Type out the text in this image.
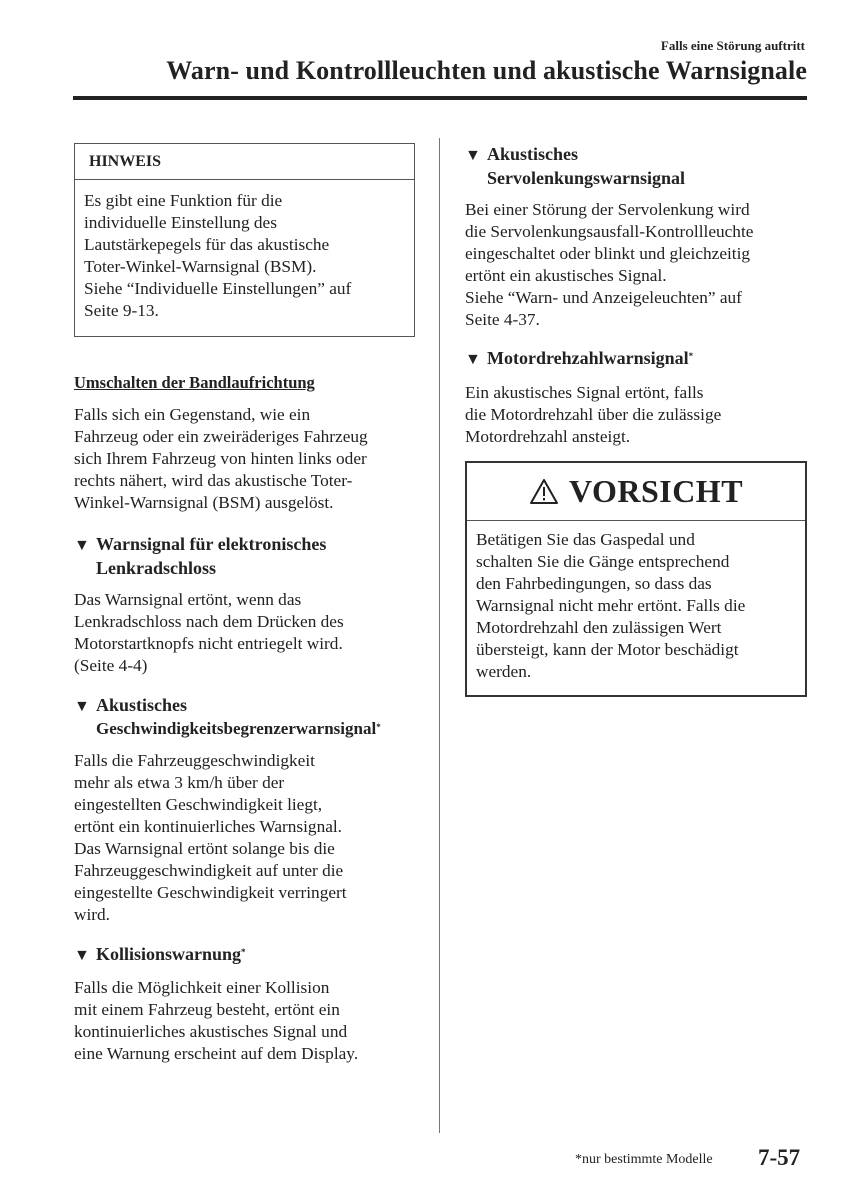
Falls eine Störung auftritt
Warn- und Kontrollleuchten und akustische Warnsignale
HINWEIS

Es gibt eine Funktion für die

individuelle Einstellung des

Lautstärkepegels für das akustische

Toter-Winkel-Warnsignal (BSM).

Siehe “Individuelle Einstellungen” auf

Seite 9-13.

Umschalten der Bandlaufrichtung

Falls sich ein Gegenstand, wie ein

Fahrzeug oder ein zweiräderiges Fahrzeug

sich Ihrem Fahrzeug von hinten links oder

rechts nähert, wird das akustische Toter-

Winkel-Warnsignal (BSM) ausgelöst.

▼ Warnsignal für elektronisches
Lenkradschloss

Das Warnsignal ertönt, wenn das

Lenkradschloss nach dem Drücken des

Motorstartknopfs nicht entriegelt wird.

(Seite 4-4)

▼ Akustisches
Geschwindigkeitsbegrenzerwarnsignal*

Falls die Fahrzeuggeschwindigkeit

mehr als etwa 3 km/h über der

eingestellten Geschwindigkeit liegt,

ertönt ein kontinuierliches Warnsignal.

Das Warnsignal ertönt solange bis die

Fahrzeuggeschwindigkeit auf unter die

eingestellte Geschwindigkeit verringert

wird.

▼ Kollisionswarnung*

Falls die Möglichkeit einer Kollision

mit einem Fahrzeug besteht, ertönt ein

kontinuierliches akustisches Signal und

eine Warnung erscheint auf dem Display.

▼ Akustisches
Servolenkungswarnsignal

Bei einer Störung der Servolenkung wird

die Servolenkungsausfall-Kontrollleuchte

eingeschaltet oder blinkt und gleichzeitig

ertönt ein akustisches Signal.

Siehe “Warn- und Anzeigeleuchten” auf

Seite 4-37.

▼ Motordrehzahlwarnsignal*

Ein akustisches Signal ertönt, falls

die Motordrehzahl über die zulässige

Motordrehzahl ansteigt.

VORSICHT

Betätigen Sie das Gaspedal und

schalten Sie die Gänge entsprechend

den Fahrbedingungen, so dass das

Warnsignal nicht mehr ertönt. Falls die

Motordrehzahl den zulässigen Wert

übersteigt, kann der Motor beschädigt

werden.

*nur bestimmte Modelle 7-57
